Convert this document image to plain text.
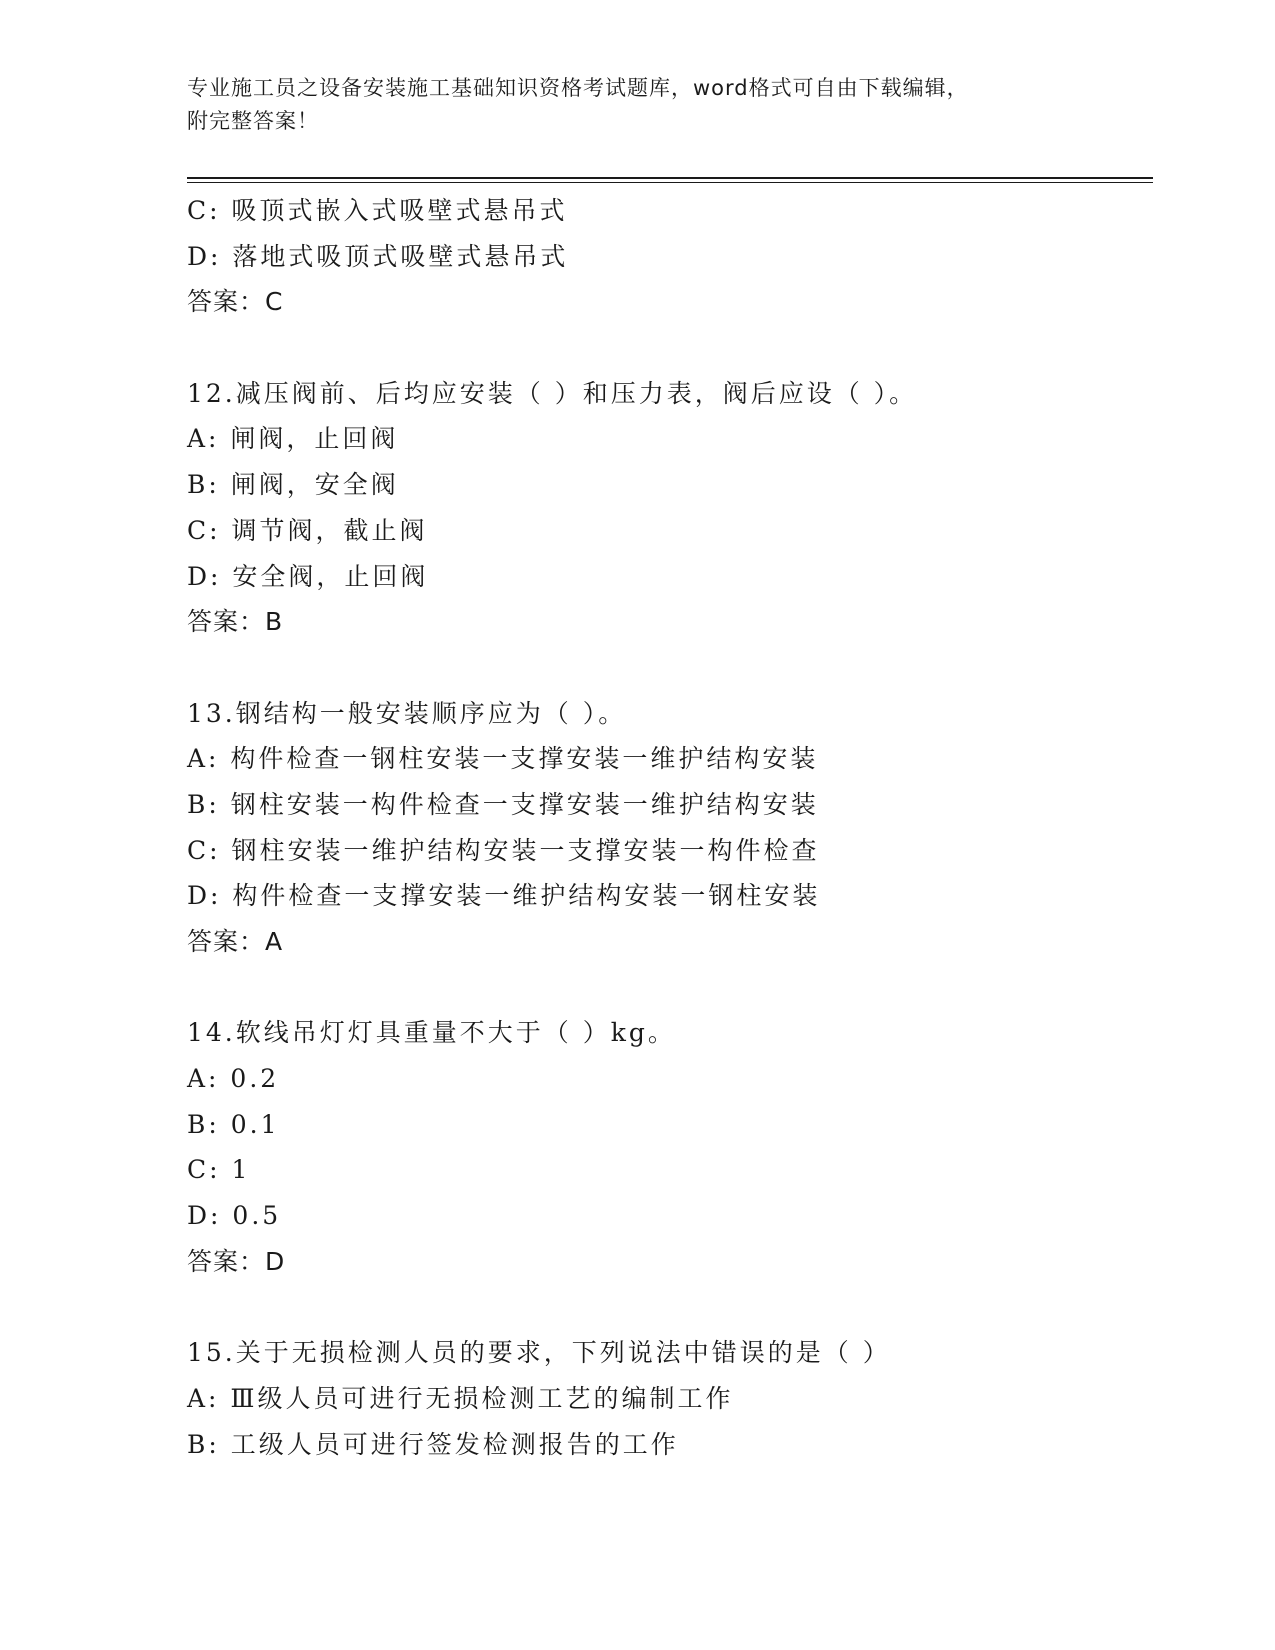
专业施工员之设备安装施工基础知识资格考试题库，word格式可自由下载编辑，
附完整答案！
C: 吸顶式嵌入式吸壁式悬吊式
D: 落地式吸顶式吸壁式悬吊式
答案：C
12.减压阀前、后均应安装（ ）和压力表，阀后应设（ ）。
A: 闸阀，止回阀
B: 闸阀，安全阀
C: 调节阀，截止阀
D: 安全阀，止回阀
答案：B
13.钢结构一般安装顺序应为（ ）。
A: 构件检查一钢柱安装一支撑安装一维护结构安装
B: 钢柱安装一构件检查一支撑安装一维护结构安装
C: 钢柱安装一维护结构安装一支撑安装一构件检查
D: 构件检查一支撑安装一维护结构安装一钢柱安装
答案：A
14.软线吊灯灯具重量不大于（ ）kg。
A: 0.2
B: 0.1
C: 1
D: 0.5
答案：D
15.关于无损检测人员的要求，下列说法中错误的是（ ）
A: Ⅲ级人员可进行无损检测工艺的编制工作
B: 工级人员可进行签发检测报告的工作
